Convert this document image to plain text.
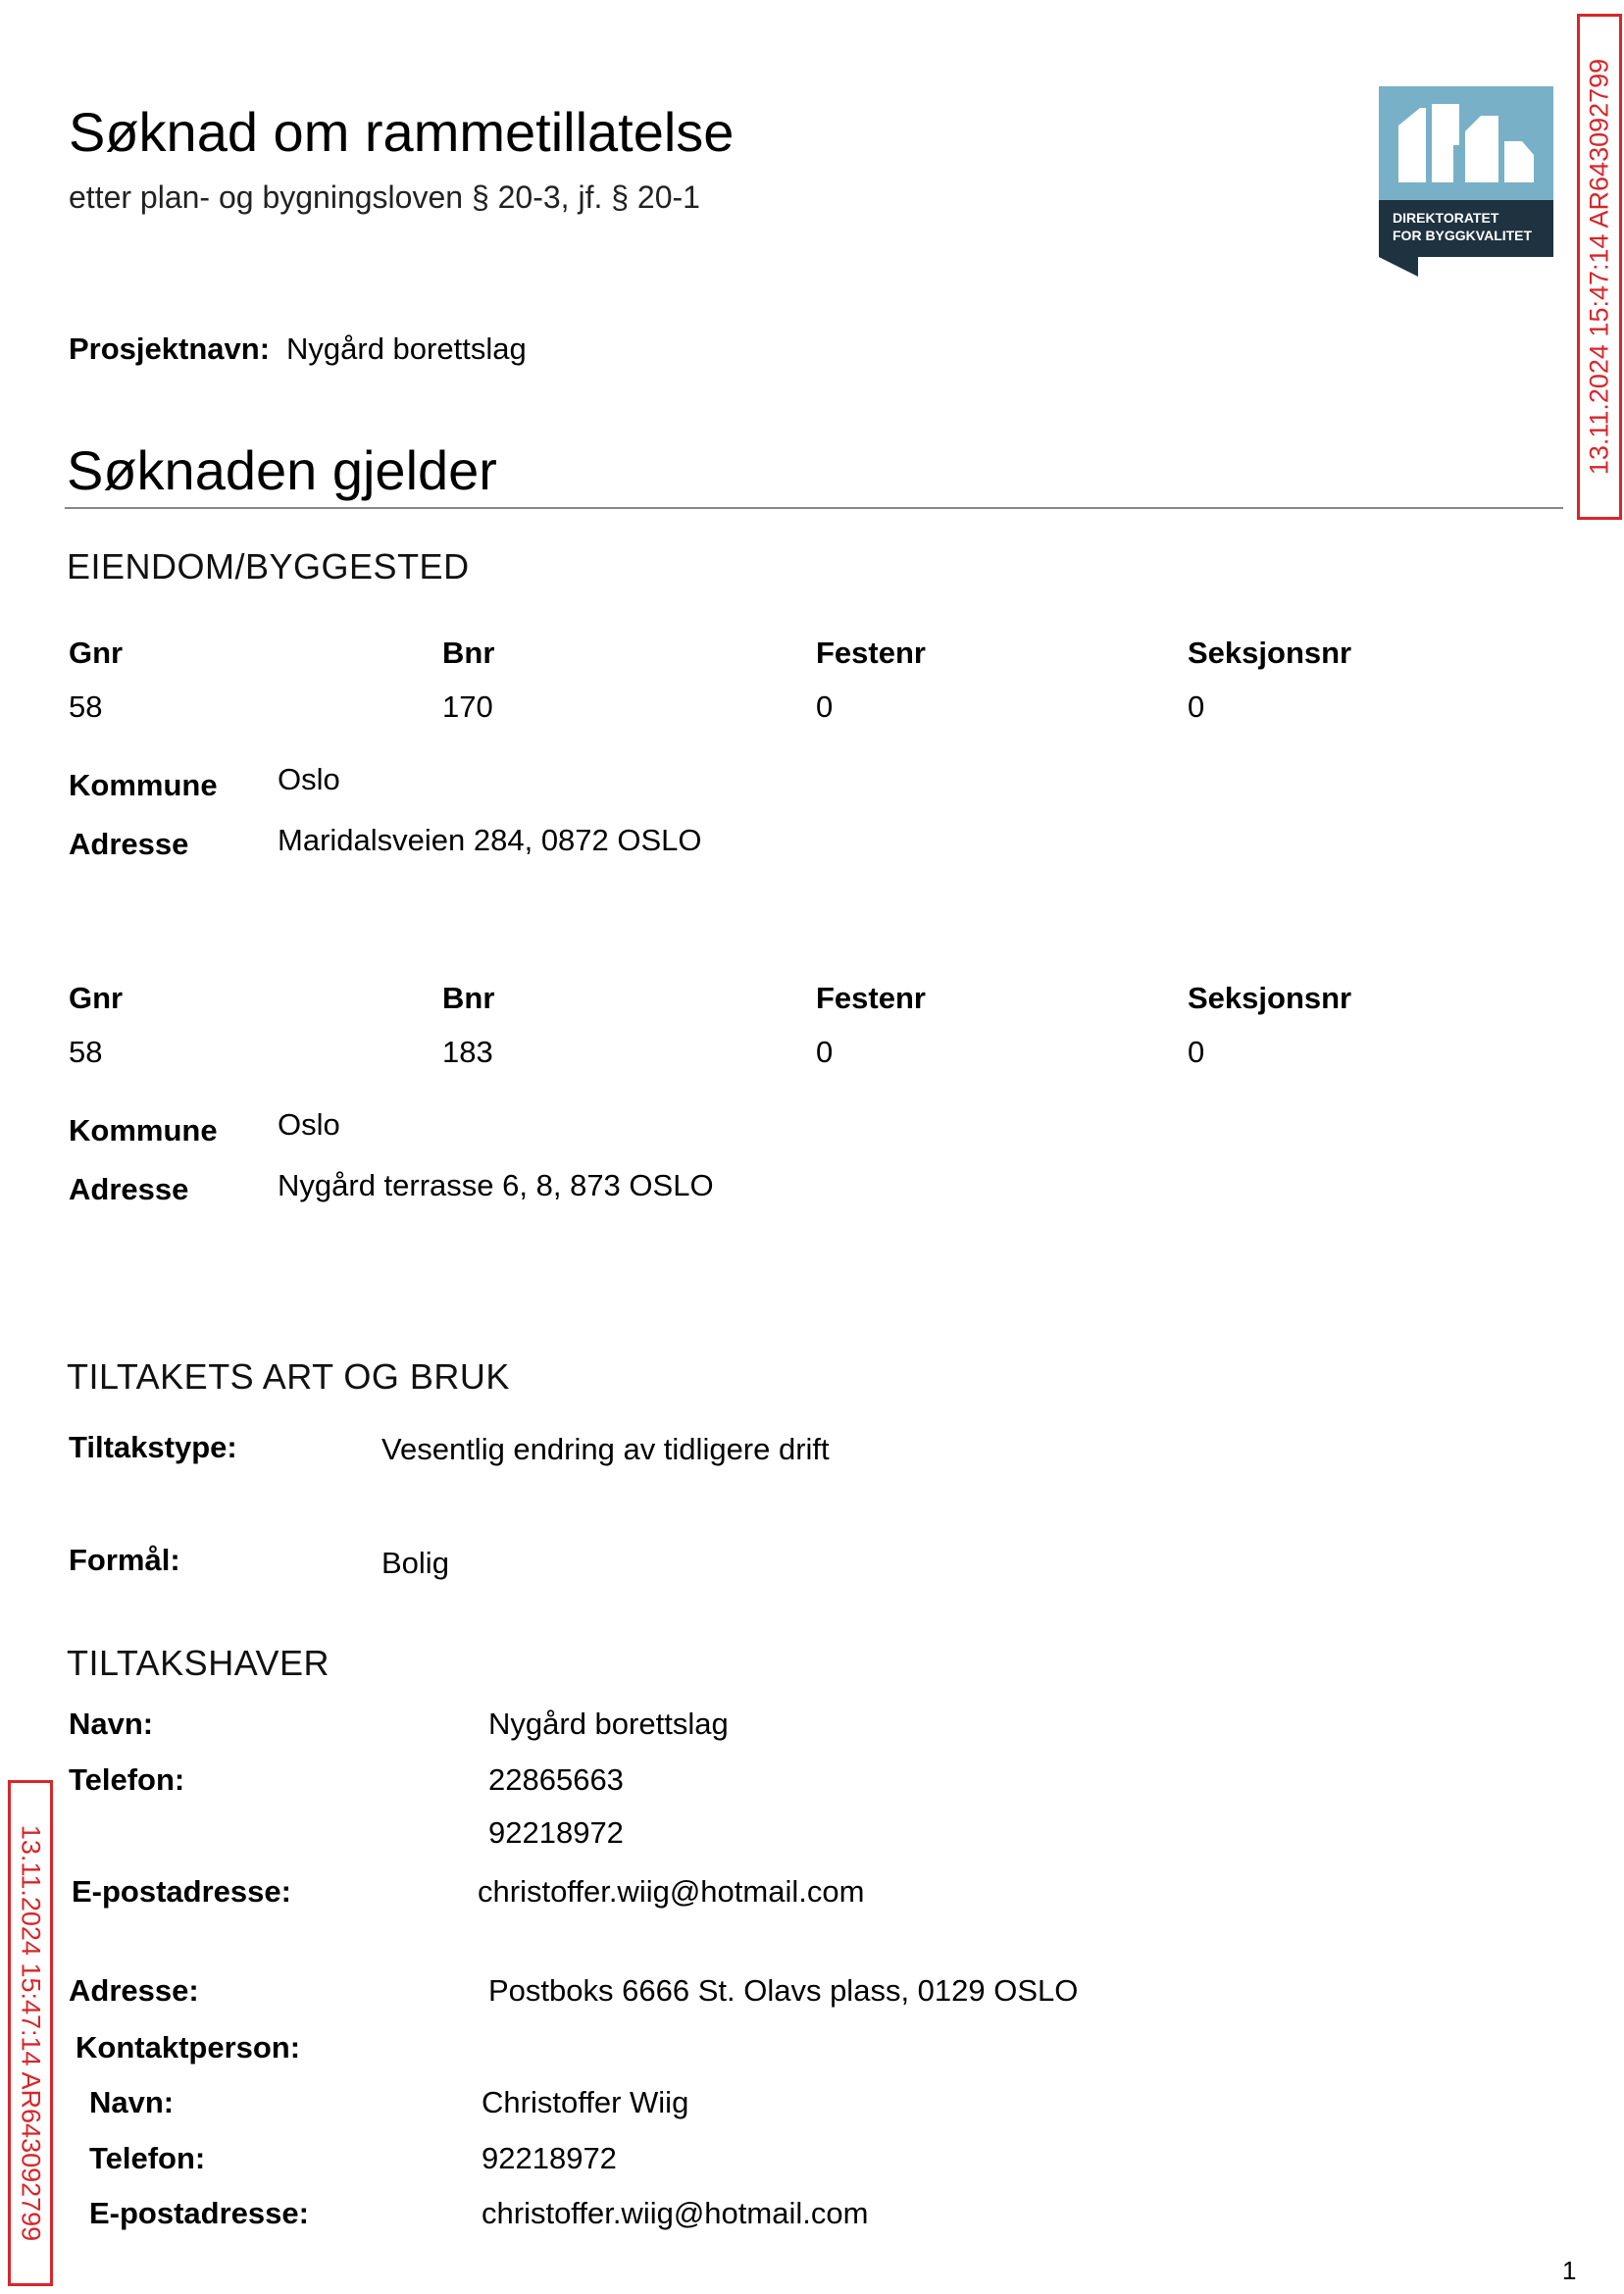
Søknad om rammetillatelse
etter plan- og bygningsloven § 20-3, jf. § 20-1
DIREKTORATET
FOR BYGGKVALITET 13.11.2024 15:47:14 AR643092799
Prosjektnavn: Nygård borettslag
Søknaden gjelder
EIENDOM/BYGGESTED
Gnr	Bnr	Festenr	Seksjonsnr
58	170	0	0
Kommune Oslo
Adresse	Maridalsveien 284, 0872 OSLO
Gnr	Bnr	Festenr	Seksjonsnr
58	183	0	0
Kommune Oslo
Adresse	Nygård terrasse 6, 8, 873 OSLO
TILTAKETS ART OG BRUK
Tiltakstype:	Vesentlig endring av tidligere drift
Formål:	Bolig
TILTAKSHAVER
Navn:	Nygård borettslag
Telefon:	22865663
92218972
E-postadresse:	christoffer.wiig@hotmail.com
Adresse:	Postboks 6666 St. Olavs plass, 0129 OSLO
Kontaktperson:
Navn:	Christoffer Wiig
Telefon:	92218972
E-postadresse:	christoffer.wiig@hotmail.com
13.11.2024 15:47:14 AR643092799
1
